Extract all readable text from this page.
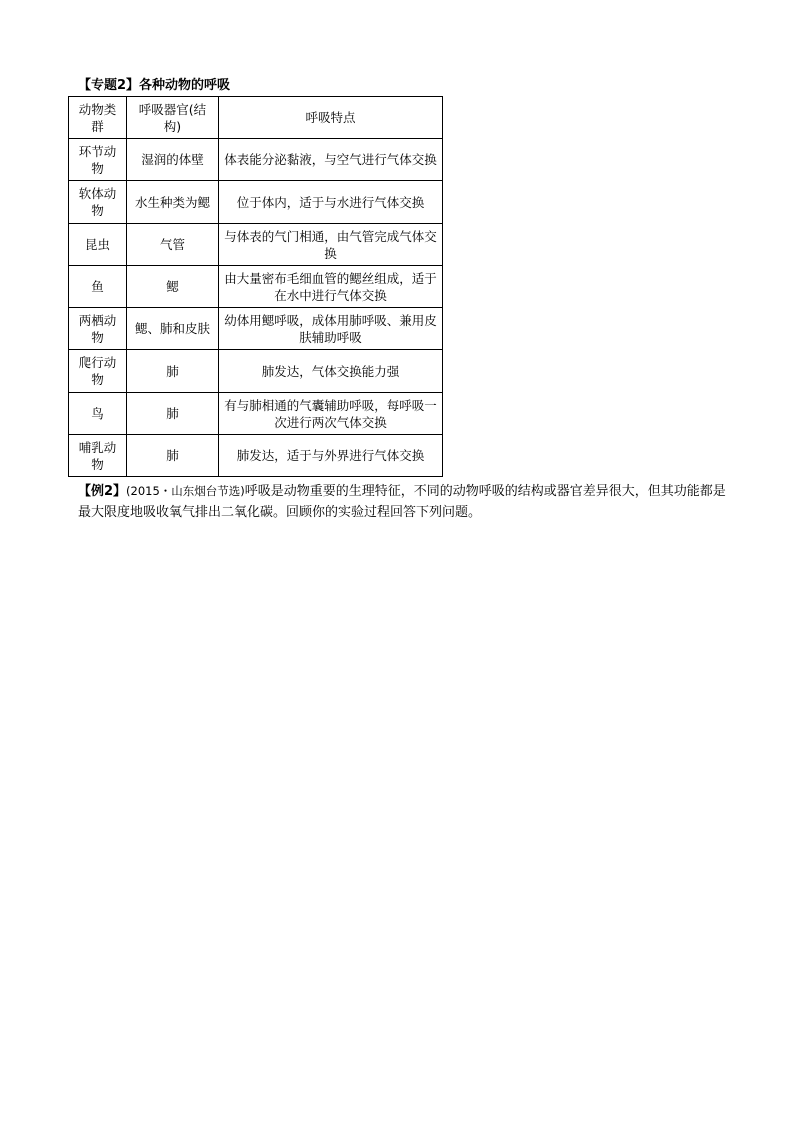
【专题2】各种动物的呼吸
动物类群	呼吸器官(结构)	呼吸特点
环节动物	湿润的体壁	体表能分泌黏液，与空气进行气体交换
软体动物	水生种类为鳃	位于体内，适于与水进行气体交换
昆虫	气管	与体表的气门相通，由气管完成气体交换
鱼	鳃	由大量密布毛细血管的鳃丝组成，适于在水中进行气体交换
两栖动物	鳃、肺和皮肤	幼体用鳃呼吸，成体用肺呼吸、兼用皮肤辅助呼吸
爬行动物	肺	肺发达，气体交换能力强
鸟	肺	有与肺相通的气囊辅助呼吸，每呼吸一次进行两次气体交换
哺乳动物	肺	肺发达，适于与外界进行气体交换
【例2】(2015・山东烟台节选)呼吸是动物重要的生理特征，不同的动物呼吸的结构或器官差异很大，但其功能都是最大限度地吸收氧气排出二氧化碳。回顾你的实验过程回答下列问题。
